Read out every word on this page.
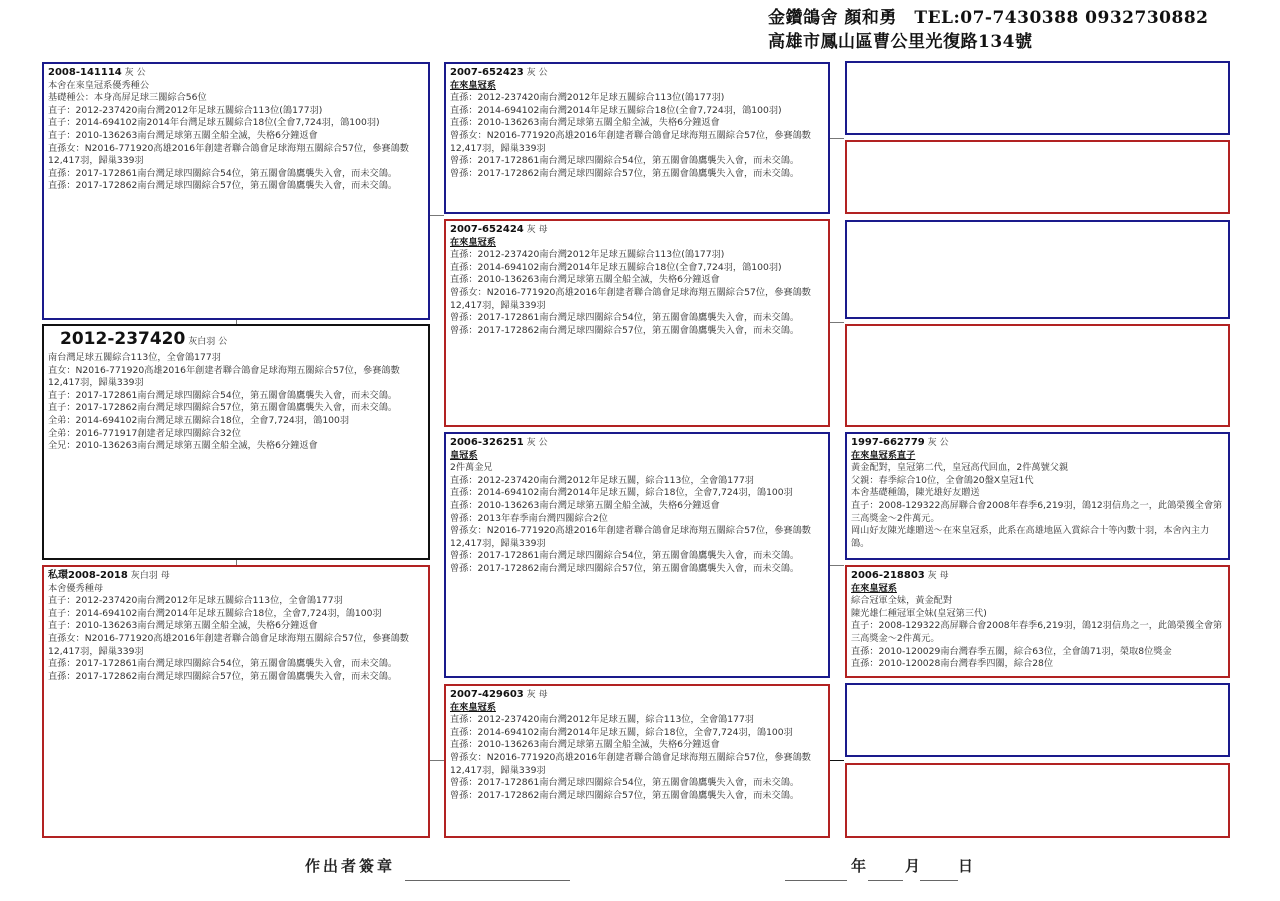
金鑽鴿舍 顏和勇　TEL:07-7430388 0932730882
高雄市鳳山區曹公里光復路134號
2008-141114 灰 公
本舍在來皇冠系優秀種公
基礎種公：本身高屏足球三關綜合56位
直子：2012-237420南台灣2012年足球五關綜合113位(鴿177羽)
直子：2014-694102南2014年台灣足球五關綜合18位(全會7,724羽，鴿100羽)
直子：2010-136263南台灣足球第五關全船全滅，失格6分鐘返會
直孫女：N2016-771920高雄2016年創建者聯合鴿會足球海翔五關綜合57位，參賽鴿數12,417羽，歸巢339羽
直孫：2017-172861南台灣足球四關綜合54位，第五關會鴿鷹襲失入會，而未交鴿。
直孫：2017-172862南台灣足球四關綜合57位，第五關會鴿鷹襲失入會，而未交鴿。
2012-237420 灰白羽 公
南台灣足球五關綜合113位，全會鴿177羽
直女：N2016-771920高雄2016年創建者聯合鴿會足球海翔五關綜合57位，參賽鴿數12,417羽，歸巢339羽
直子：2017-172861南台灣足球四關綜合54位，第五關會鴿鷹襲失入會，而未交鴿。
直子：2017-172862南台灣足球四關綜合57位，第五關會鴿鷹襲失入會，而未交鴿。
全弟：2014-694102南台灣足球五關綜合18位，全會7,724羽，鴿100羽
全弟：2016-771917創建者足球四關綜合32位
全兄：2010-136263南台灣足球第五關全船全滅，失格6分鐘返會
私環2008-2018 灰白羽 母
本舍優秀種母
直子：2012-237420南台灣2012年足球五關綜合113位，全會鴿177羽
直子：2014-694102南台灣2014年足球五關綜合18位，全會7,724羽，鴿100羽
直子：2010-136263南台灣足球第五關全船全滅，失格6分鐘返會
直孫女：N2016-771920高雄2016年創建者聯合鴿會足球海翔五關綜合57位，參賽鴿數12,417羽，歸巢339羽
直孫：2017-172861南台灣足球四關綜合54位，第五關會鴿鷹襲失入會，而未交鴿。
直孫：2017-172862南台灣足球四關綜合57位，第五關會鴿鷹襲失入會，而未交鴿。
2007-652423 灰 公
在來皇冠系
直孫：2012-237420南台灣2012年足球五關綜合113位(鴿177羽)
直孫：2014-694102南台灣2014年足球五關綜合18位(全會7,724羽，鴿100羽)
直孫：2010-136263南台灣足球第五關全船全滅，失格6分鐘返會
曾孫女：N2016-771920高雄2016年創建者聯合鴿會足球海翔五關綜合57位，參賽鴿數12,417羽，歸巢339羽
曾孫：2017-172861南台灣足球四關綜合54位，第五關會鴿鷹襲失入會，而未交鴿。
曾孫：2017-172862南台灣足球四關綜合57位，第五關會鴿鷹襲失入會，而未交鴿。
2007-652424 灰 母
在來皇冠系
直孫：2012-237420南台灣2012年足球五關綜合113位(鴿177羽)
直孫：2014-694102南台灣2014年足球五關綜合18位(全會7,724羽，鴿100羽)
直孫：2010-136263南台灣足球第五關全船全滅，失格6分鐘返會
曾孫女：N2016-771920高雄2016年創建者聯合鴿會足球海翔五關綜合57位，參賽鴿數12,417羽，歸巢339羽
曾孫：2017-172861南台灣足球四關綜合54位，第五關會鴿鷹襲失入會，而未交鴿。
曾孫：2017-172862南台灣足球四關綜合57位，第五關會鴿鷹襲失入會，而未交鴿。
2006-326251 灰 公
皇冠系
2件萬金兄
直孫：2012-237420南台灣2012年足球五關，綜合113位，全會鴿177羽
直孫：2014-694102南台灣2014年足球五關，綜合18位，全會7,724羽，鴿100羽
直孫：2010-136263南台灣足球第五關全船全滅，失格6分鐘返會
曾孫：2013年春季南台灣四關綜合2位
曾孫女：N2016-771920高雄2016年創建者聯合鴿會足球海翔五關綜合57位，參賽鴿數12,417羽，歸巢339羽
曾孫：2017-172861南台灣足球四關綜合54位，第五關會鴿鷹襲失入會，而未交鴿。
曾孫：2017-172862南台灣足球四關綜合57位，第五關會鴿鷹襲失入會，而未交鴿。
2007-429603 灰 母
在來皇冠系
直孫：2012-237420南台灣2012年足球五關，綜合113位，全會鴿177羽
直孫：2014-694102南台灣2014年足球五關，綜合18位，全會7,724羽，鴿100羽
直孫：2010-136263南台灣足球第五關全船全滅，失格6分鐘返會
曾孫女：N2016-771920高雄2016年創建者聯合鴿會足球海翔五關綜合57位，參賽鴿數12,417羽，歸巢339羽
曾孫：2017-172861南台灣足球四關綜合54位，第五關會鴿鷹襲失入會，而未交鴿。
曾孫：2017-172862南台灣足球四關綜合57位，第五關會鴿鷹襲失入會，而未交鴿。
1997-662779 灰 公
在來皇冠系直子
黃金配對，皇冠第二代，皇冠高代回血，2件萬號父親
父親：春季綜合10位，全會鴿20盤X皇冠1代
本舍基礎種鴿，陳光雄好友贈送
直子：2008-129322高屏聯合會2008年春季6,219羽，鴿12羽信鳥之一，此鴿榮獲全會第三高獎金～2件萬元。
岡山好友陳光雄贈送～在來皇冠系，此系在高雄地區入賞綜合十等內數十羽，本舍內主力鴿。
2006-218803 灰 母
在來皇冠系
綜合冠軍全妹，黃金配對
陳光雄仁種冠軍全妹(皇冠第三代)
直子：2008-129322高屏聯合會2008年春季6,219羽，鴿12羽信鳥之一，此鴿榮獲全會第三高獎金～2件萬元。
直孫：2010-120029南台灣春季五關，綜合63位，全會鴿71羽，榮取8位獎金
直孫：2010-120028南台灣春季四關，綜合28位
作出者簽章	年 月 日
